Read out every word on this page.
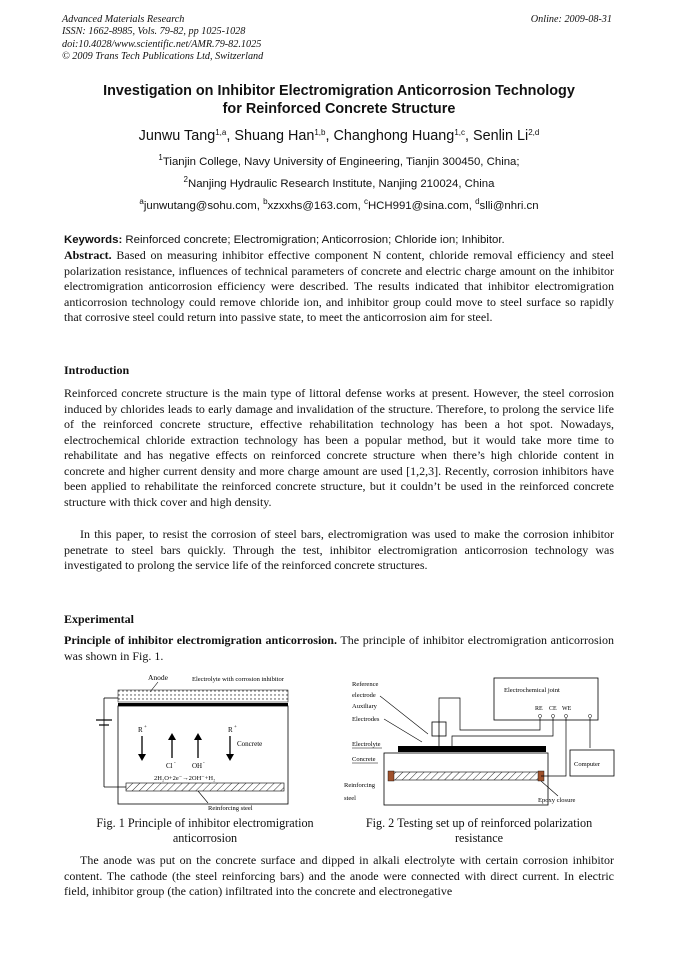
Advanced Materials Research
ISSN: 1662-8985, Vols. 79-82, pp 1025-1028
doi:10.4028/www.scientific.net/AMR.79-82.1025
© 2009 Trans Tech Publications Ltd, Switzerland
Online: 2009-08-31
Investigation on Inhibitor Electromigration Anticorrosion Technology
for Reinforced Concrete Structure
Junwu Tang$^{1,a}$, Shuang Han$^{1,b}$, Changhong Huang$^{1,c}$, Senlin Li$^{2,d}$
$^1$Tianjin College, Navy University of Engineering, Tianjin 300450, China;
$^2$Nanjing Hydraulic Research Institute, Nanjing 210024, China
$^a$junwutang@sohu.com, $^b$xzxxhs@163.com, $^c$HCH991@sina.com, $^d$slli@nhri.cn
Keywords: Reinforced concrete; Electromigration; Anticorrosion; Chloride ion; Inhibitor.
Abstract. Based on measuring inhibitor effective component N content, chloride removal efficiency and steel polarization resistance, influences of technical parameters of concrete and electric charge amount on the inhibitor electromigration anticorrosion efficiency were described. The results indicated that inhibitor electromigration anticorrosion technology could remove chloride ion, and inhibitor group could move to steel surface so rapidly that corrosive steel could return into passive state, to meet the anticorrosion aim for steel.
Introduction
Reinforced concrete structure is the main type of littoral defense works at present. However, the steel corrosion induced by chlorides leads to early damage and invalidation of the structure. Therefore, to prolong the service life of the reinforced concrete structure, effective rehabilitation technology has been a hot spot. Nowadays, electrochemical chloride extraction technology has been a popular method, but it would take more time to rehabilitate and has negative effects on reinforced concrete structure when there’s high chloride content in concrete and higher current density and more charge amount are used [1,2,3]. Recently, corrosion inhibitors have been applied to rehabilitate the reinforced concrete structure, but it couldn’t be used in the reinforced concrete structure with thick cover and high density.
In this paper, to resist the corrosion of steel bars, electromigration was used to make the corrosion inhibitor penetrate to steel bars quickly. Through the test, inhibitor electromigration anticorrosion technology was investigated to prolong the service life of the reinforced concrete structures.
Experimental
Principle of inhibitor electromigration anticorrosion. The principle of inhibitor electromigration anticorrosion was shown in Fig. 1.
Anode	Electrolyte with corrosion inhibitor
R +	R +
Concrete
Cl - OH -
2H₂O+2e⁻→2OH⁻+H₂
Reinforcing steel
Fig. 1 Principle of inhibitor electromigration
anticorrosion
Reference
electrode
Auxiliary
Electrodes
Electrolyte
Concrete
Reinforcing
steel	Epoxy closure
Electrochemical joint
RE CE WE
Computer
Fig. 2 Testing set up of reinforced polarization
resistance
The anode was put on the concrete surface and dipped in alkali electrolyte with certain corrosion inhibitor content. The cathode (the steel reinforcing bars) and the anode were connected with direct current. In electric field, inhibitor group (the cation) infiltrated into the concrete and electronegative
